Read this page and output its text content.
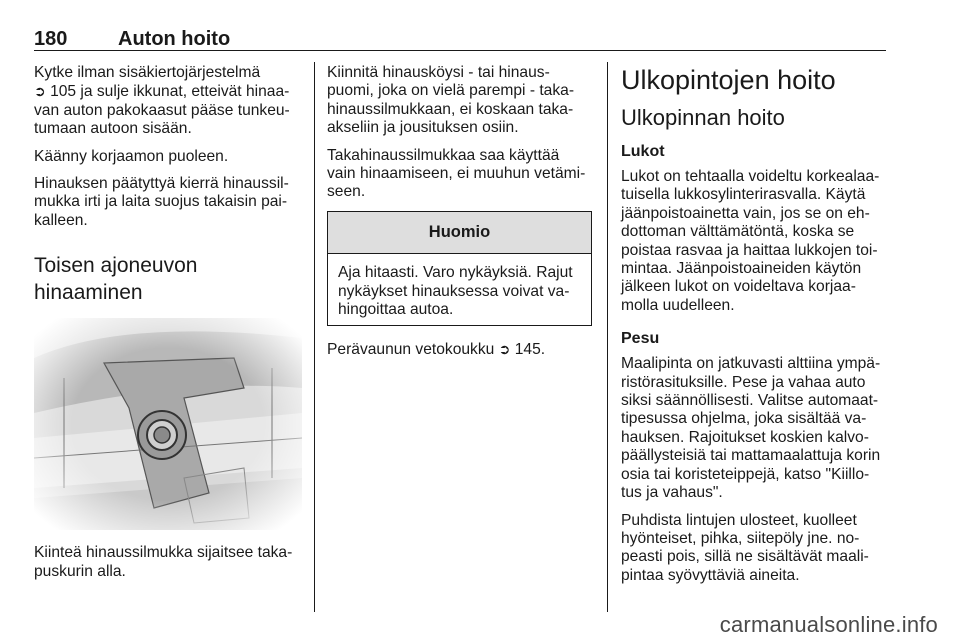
180	Auton hoito

Kytke ilman sisäkiertojärjestelmä
➲ 105 ja sulje ikkunat, etteivät hinaa-van auton pakokaasut pääse tunkeu-tumaan autoon sisään.

Käänny korjaamon puoleen.

Hinauksen päätyttyä kierrä hinaussil-mukka irti ja laita suojus takaisin pai-kalleen.

Toisen ajoneuvon hinaaminen

Kiinteä hinaussilmukka sijaitsee taka-puskurin alla.

Kiinnitä hinausköysi - tai hinaus-puomi, joka on vielä parempi - taka-hinaussilmukkaan, ei koskaan taka-akseliin ja jousituksen osiin.

Takahinaussilmukkaa saa käyttää vain hinaamiseen, ei muuhun vetämi-seen.

Huomio
Aja hitaasti. Varo nykäyksiä. Rajut nykäykset hinauksessa voivat va-hingoittaa autoa.

Perävaunun vetokoukku ➲ 145.

Ulkopintojen hoito
Ulkopinnan hoito
Lukot

Lukot on tehtaalla voideltu korkealaa-tuisella lukkosylinterirasvalla. Käytä jäänpoistoainetta vain, jos se on eh-dottoman välttämätöntä, koska se poistaa rasvaa ja haittaa lukkojen toi-mintaa. Jäänpoistoaineiden käytön jälkeen lukot on voideltava korjaa-molla uudelleen.

Pesu

Maalipinta on jatkuvasti alttiina ympä-ristörasituksille. Pese ja vahaa auto siksi säännöllisesti. Valitse automaat-tipesussa ohjelma, joka sisältää va-hauksen. Rajoitukset koskien kalvo-päällysteisiä tai mattamaalattuja korin osia tai koristeteippejä, katso "Kiillo-tus ja vahaus".

Puhdista lintujen ulosteet, kuolleet hyönteiset, pihka, siitepöly jne. no-peasti pois, sillä ne sisältävät maali-pintaa syövyttäviä aineita.

carmanualsonline.info
